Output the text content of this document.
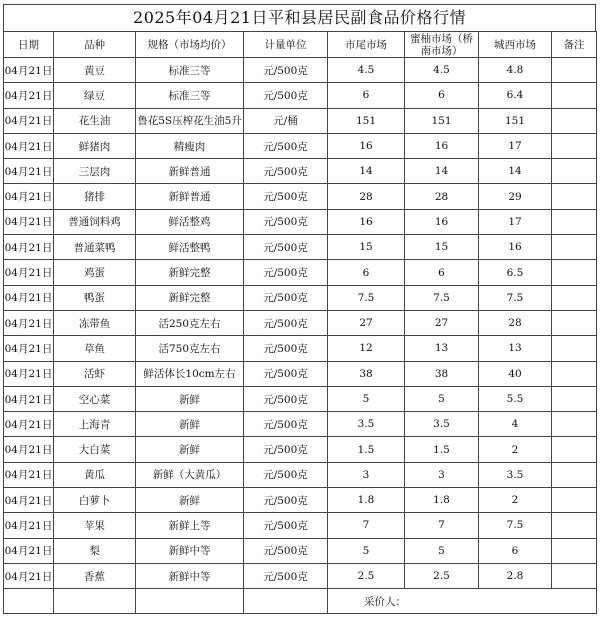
2025年04月21日平和县居民副食品价格行情
日期	品种	规格（市场均价）	计量单位	市尾市场	蜜柚市场（桥南市场）	城西市场	备注
04月21日	黄豆	标准三等	元/500克	4.5	4.5	4.8	
04月21日	绿豆	标准三等	元/500克	6	6	6.4	
04月21日	花生油	鲁花5S压榨花生油5升	元/桶	151	151	151	
04月21日	鲜猪肉	精瘦肉	元/500克	16	16	17	
04月21日	三层肉	新鲜普通	元/500克	14	14	14	
04月21日	猪排	新鲜普通	元/500克	28	28	29	
04月21日	普通饲料鸡	鲜活整鸡	元/500克	16	16	17	
04月21日	普通菜鸭	鲜活整鸭	元/500克	15	15	16	
04月21日	鸡蛋	新鲜完整	元/500克	6	6	6.5	
04月21日	鸭蛋	新鲜完整	元/500克	7.5	7.5	7.5	
04月21日	冻带鱼	活250克左右	元/500克	27	27	28	
04月21日	草鱼	活750克左右	元/500克	12	13	13	
04月21日	活虾	鲜活体长10cm左右	元/500克	38	38	40	
04月21日	空心菜	新鲜	元/500克	5	5	5.5	
04月21日	上海青	新鲜	元/500克	3.5	3.5	4	
04月21日	大白菜	新鲜	元/500克	1.5	1.5	2	
04月21日	黄瓜	新鲜（大黄瓜）	元/500克	3	3	3.5	
04月21日	白萝卜	新鲜	元/500克	1.8	1.8	2	
04月21日	苹果	新鲜上等	元/500克	7	7	7.5	
04月21日	梨	新鲜中等	元/500克	5	5	6	
04月21日	香蕉	新鲜中等	元/500克	2.5	2.5	2.8	
				采价人：			
